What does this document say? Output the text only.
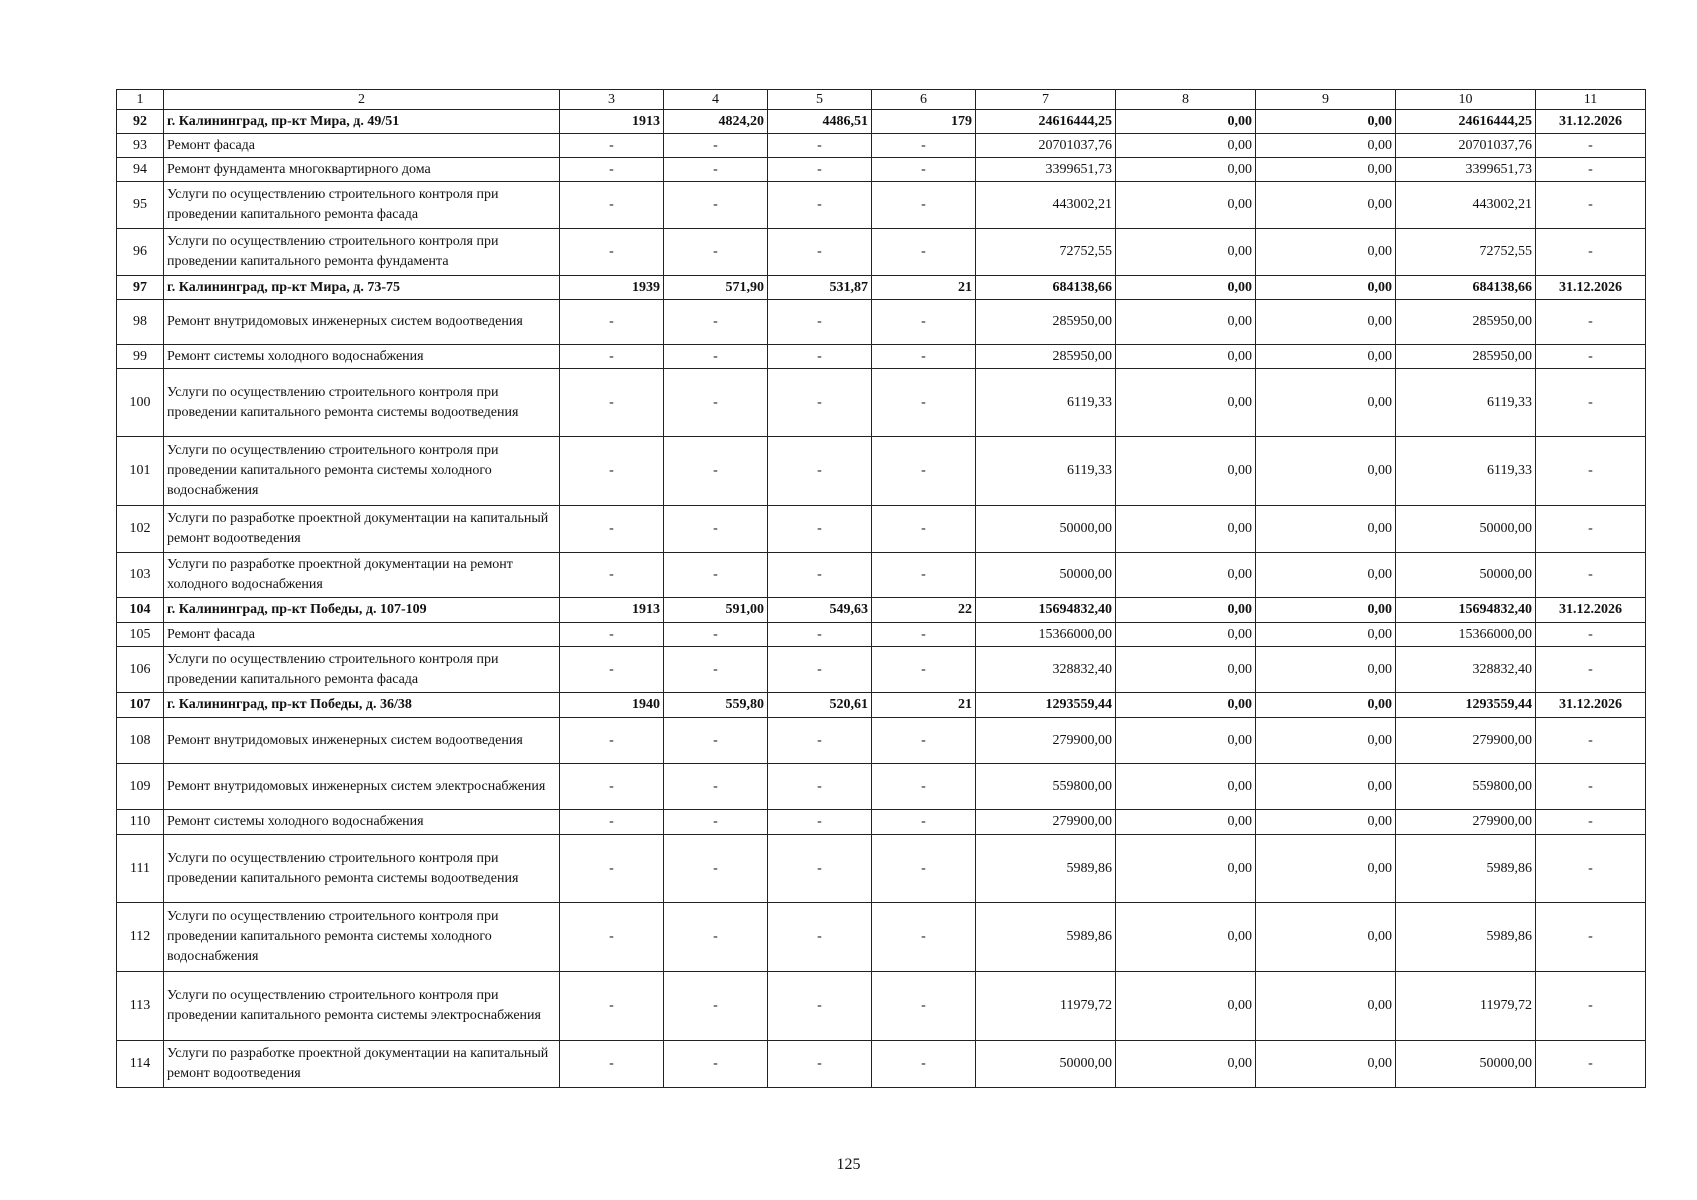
1	2	3	4	5	6	7	8	9	10	11
92	г. Калининград, пр-кт Мира, д. 49/51	1913	4824,20	4486,51	179	24616444,25	0,00	0,00	24616444,25	31.12.2026
93	Ремонт фасада	-	-	-	-	20701037,76	0,00	0,00	20701037,76	-
94	Ремонт фундамента многоквартирного дома	-	-	-	-	3399651,73	0,00	0,00	3399651,73	-
95	Услуги по осуществлению строительного контроля при проведении капитального ремонта фасада	-	-	-	-	443002,21	0,00	0,00	443002,21	-
96	Услуги по осуществлению строительного контроля при проведении капитального ремонта фундамента	-	-	-	-	72752,55	0,00	0,00	72752,55	-
97	г. Калининград, пр-кт Мира, д. 73-75	1939	571,90	531,87	21	684138,66	0,00	0,00	684138,66	31.12.2026
98	Ремонт внутридомовых инженерных систем водоотведения	-	-	-	-	285950,00	0,00	0,00	285950,00	-
99	Ремонт системы холодного водоснабжения	-	-	-	-	285950,00	0,00	0,00	285950,00	-
100	Услуги по осуществлению строительного контроля при проведении капитального ремонта системы водоотведения	-	-	-	-	6119,33	0,00	0,00	6119,33	-
101	Услуги по осуществлению строительного контроля при проведении капитального ремонта системы холодного водоснабжения	-	-	-	-	6119,33	0,00	0,00	6119,33	-
102	Услуги по разработке проектной документации на капитальный ремонт водоотведения	-	-	-	-	50000,00	0,00	0,00	50000,00	-
103	Услуги по разработке проектной документации на ремонт холодного водоснабжения	-	-	-	-	50000,00	0,00	0,00	50000,00	-
104	г. Калининград, пр-кт Победы, д. 107-109	1913	591,00	549,63	22	15694832,40	0,00	0,00	15694832,40	31.12.2026
105	Ремонт фасада	-	-	-	-	15366000,00	0,00	0,00	15366000,00	-
106	Услуги по осуществлению строительного контроля при проведении капитального ремонта фасада	-	-	-	-	328832,40	0,00	0,00	328832,40	-
107	г. Калининград, пр-кт Победы, д. 36/38	1940	559,80	520,61	21	1293559,44	0,00	0,00	1293559,44	31.12.2026
108	Ремонт внутридомовых инженерных систем водоотведения	-	-	-	-	279900,00	0,00	0,00	279900,00	-
109	Ремонт внутридомовых инженерных систем электроснабжения	-	-	-	-	559800,00	0,00	0,00	559800,00	-
110	Ремонт системы холодного водоснабжения	-	-	-	-	279900,00	0,00	0,00	279900,00	-
111	Услуги по осуществлению строительного контроля при проведении капитального ремонта системы водоотведения	-	-	-	-	5989,86	0,00	0,00	5989,86	-
112	Услуги по осуществлению строительного контроля при проведении капитального ремонта системы холодного водоснабжения	-	-	-	-	5989,86	0,00	0,00	5989,86	-
113	Услуги по осуществлению строительного контроля при проведении капитального ремонта системы электроснабжения	-	-	-	-	11979,72	0,00	0,00	11979,72	-
114	Услуги по разработке проектной документации на капитальный ремонт водоотведения	-	-	-	-	50000,00	0,00	0,00	50000,00	-
125
